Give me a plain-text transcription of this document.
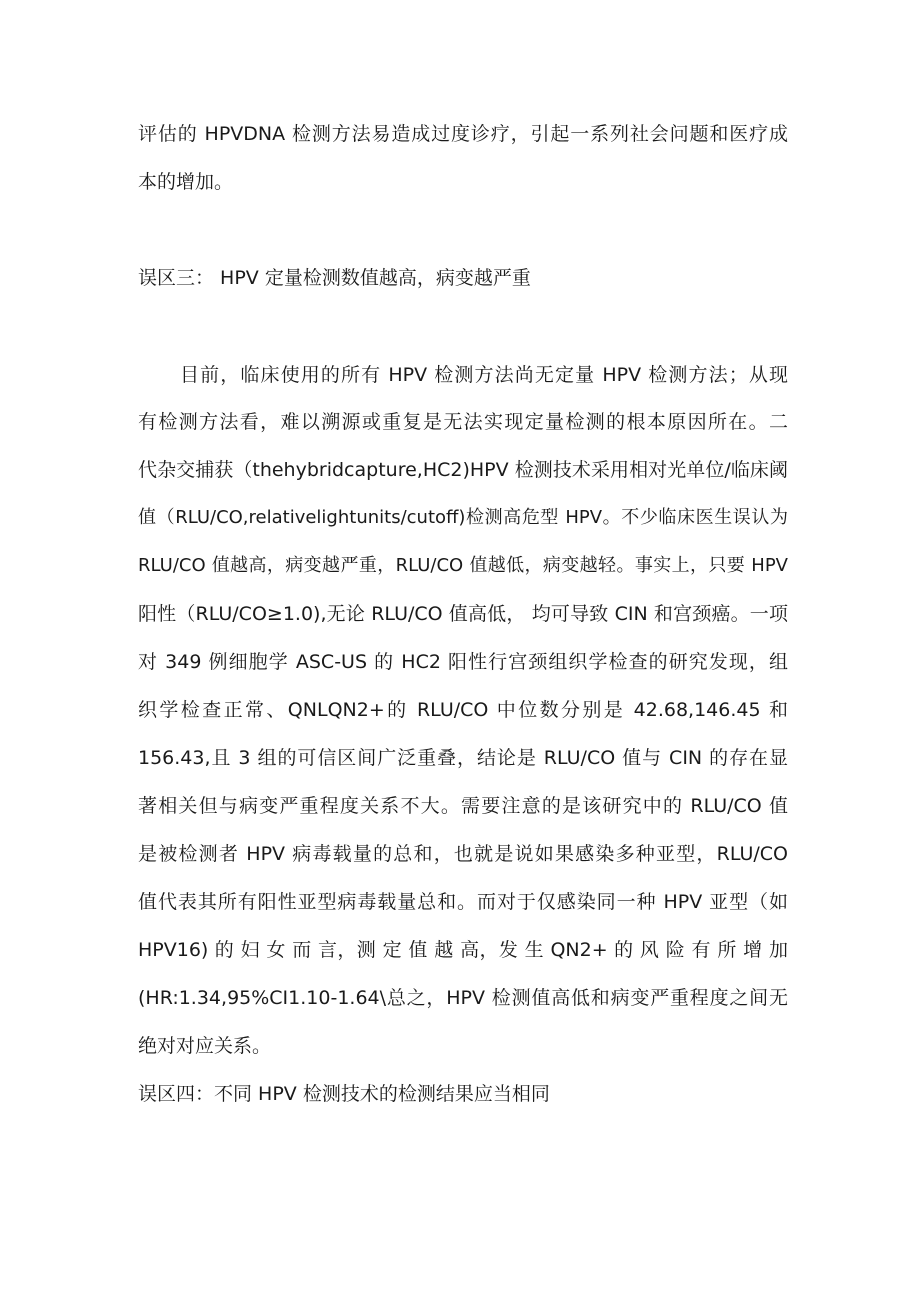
评估的 HPVDNA 检测方法易造成过度诊疗，引起一系列社会问题和医疗成
本的增加。
误区三： HPV 定量检测数值越高，病变越严重
目前，临床使用的所有 HPV 检测方法尚无定量 HPV 检测方法；从现
有检测方法看，难以溯源或重复是无法实现定量检测的根本原因所在。二
代杂交捕获（thehybridcapture,HC2)HPV 检测技术采用相对光单位/临床阈
值（RLU/CO,relativelightunits/cutoff)检测高危型 HPV。不少临床医生误认为
RLU/CO 值越高，病变越严重，RLU/CO 值越低，病变越轻。事实上，只要 HPV
阳性（RLU/CO≥1.0),无论 RLU/CO 值高低， 均可导致 CIN 和宫颈癌。一项
对 349 例细胞学 ASC-US 的 HC2 阳性行宫颈组织学检查的研究发现，组
织学检查正常、QNLQN2+的 RLU/CO 中位数分别是 42.68,146.45 和
156.43,且 3 组的可信区间广泛重叠，结论是 RLU/CO 值与 CIN 的存在显
著相关但与病变严重程度关系不大。需要注意的是该研究中的 RLU/CO 值
是被检测者 HPV 病毒载量的总和，也就是说如果感染多种亚型，RLU/CO
值代表其所有阳性亚型病毒载量总和。而对于仅感染同一种 HPV 亚型（如
HPV16) 的 妇 女 而 言，测 定 值 越 高，发 生 QN2+ 的 风 险 有 所 增 加
(HR:1.34,95%CI1.10-1.64\总之，HPV 检测值高低和病变严重程度之间无
绝对对应关系。
误区四：不同 HPV 检测技术的检测结果应当相同
